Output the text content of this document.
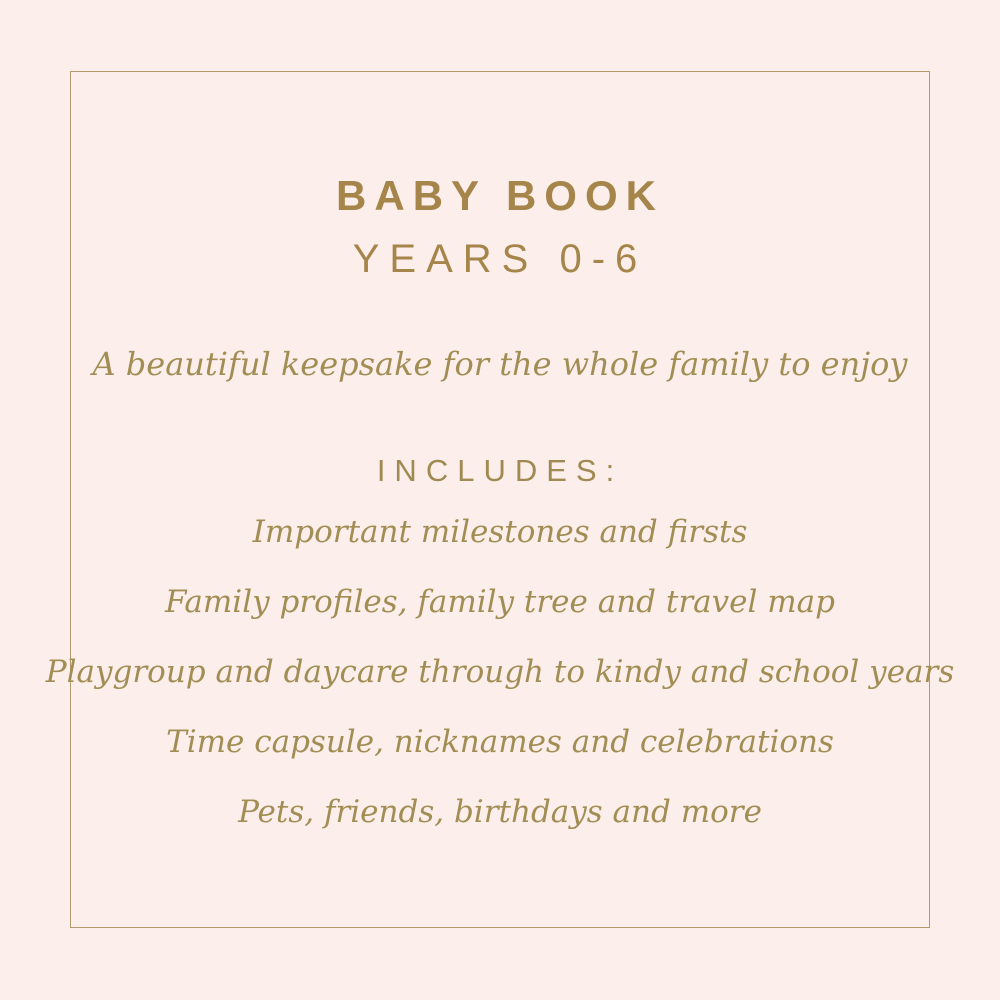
BABY BOOK
YEARS 0-6
A beautiful keepsake for the whole family to enjoy
INCLUDES:
Important milestones and firsts
Family profiles, family tree and travel map
Playgroup and daycare through to kindy and school years
Time capsule, nicknames and celebrations
Pets, friends, birthdays and more
